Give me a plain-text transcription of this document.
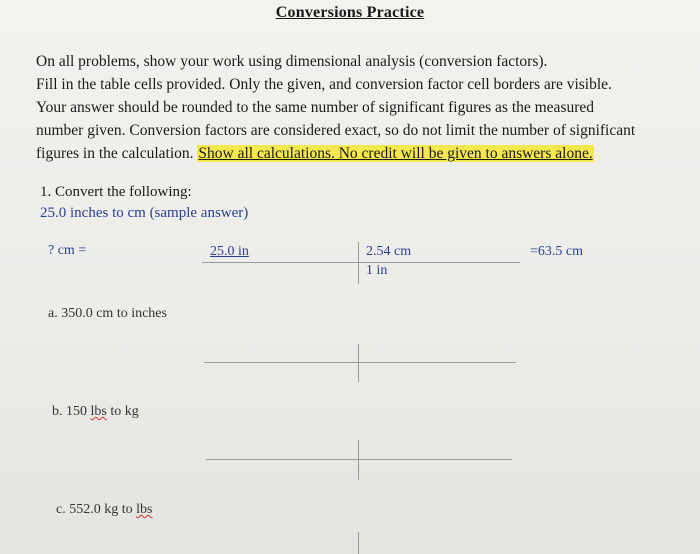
Conversions Practice
On all problems, show your work using dimensional analysis (conversion factors).
Fill in the table cells provided. Only the given, and conversion factor cell borders are visible.
Your answer should be rounded to the same number of significant figures as the measured
number given. Conversion factors are considered exact, so do not limit the number of significant
figures in the calculation. Show all calculations. No credit will be given to answers alone.
1. Convert the following:
25.0 inches to cm (sample answer)
? cm =	25.0 in	2.54 cm
1 in
=63.5 cm
a. 350.0 cm to inches
b. 150 lbs to kg
c. 552.0 kg to lbs
